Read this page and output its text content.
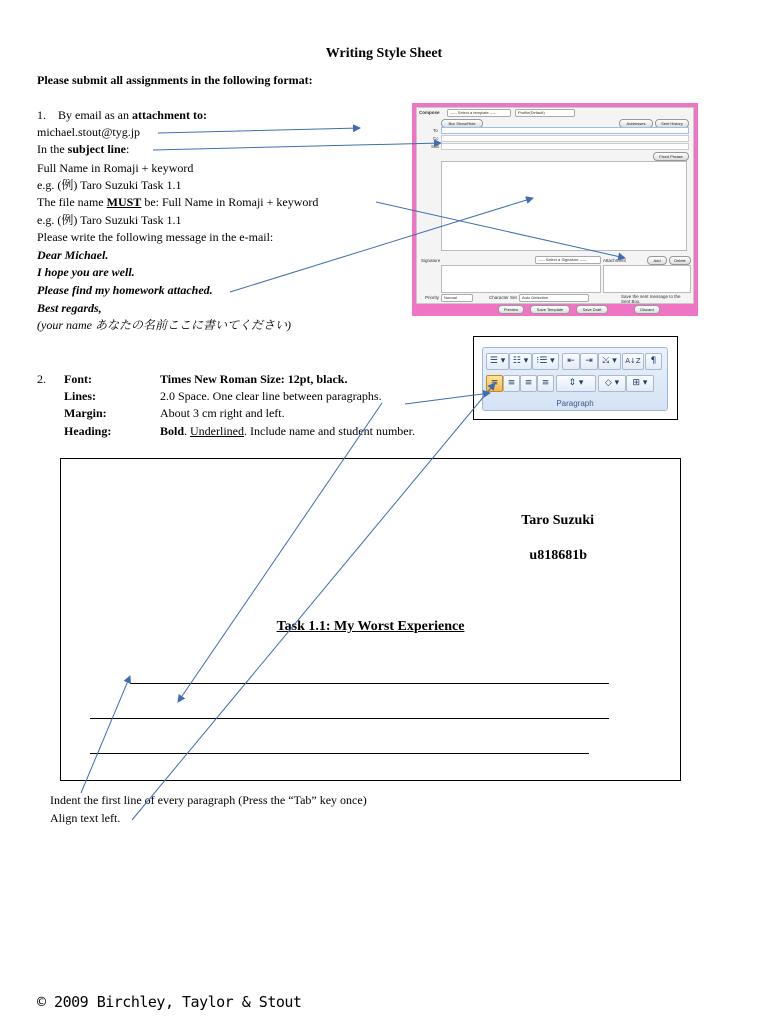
Writing Style Sheet
Please submit all assignments in the following format:
1. By email as an attachment to:
michael.stout@tyg.jp
In the subject line:
Full Name in Romaji + keyword
e.g. (例) Taro Suzuki Task 1.1
The file name MUST be: Full Name in Romaji + keyword
e.g. (例) Taro Suzuki Task 1.1
Please write the following message in the e-mail:
Dear Michael.
I hope you are well.
Please find my homework attached.
Best regards,
(your name あなたの名前ここに書いてください)
Compose	----- Select a template -----	Profile(Default)
Bcc Show/Hide	Addresses	Sent History
To
Cc
Sub
Fixed Phrase
Signature	----- Select a Signature -----	Attachment	Add	Delete
Priority	Normal	Character Set	Auto Detection	Save the sent message to the Sent Box.
Preview	Save Template	Save Draft	Discard
☰ ▾ ☷ ▾ ⁝☰ ▾	⇤	⇥	⤩ ▾	A↓Z	¶
≡	≡	≡	≡	⇕ ▾	◇ ▾	⊞ ▾
Paragraph
2. Font:	Times New Roman Size: 12pt, black.
Lines:	2.0 Space. One clear line between paragraphs.
Margin:	About 3 cm right and left.
Heading:	Bold. Underlined. Include name and student number.
Taro Suzuki
u818681b
Task 1.1: My Worst Experience
Indent the first line of every paragraph (Press the “Tab” key once)
Align text left.
© 2009 Birchley, Taylor & Stout
